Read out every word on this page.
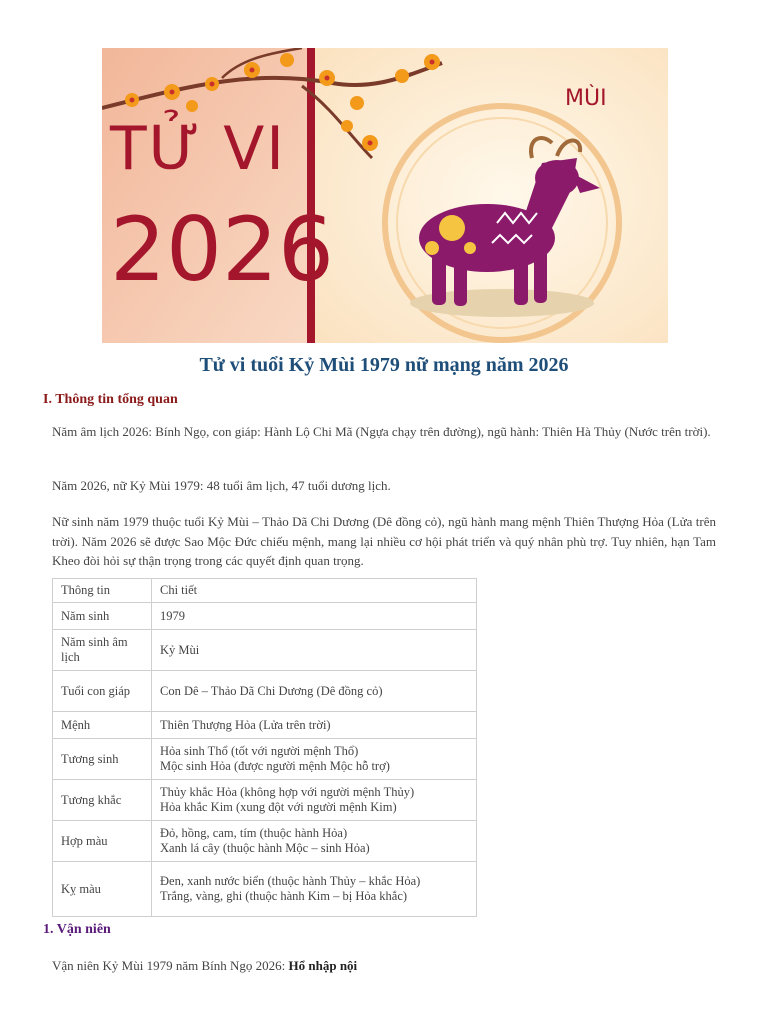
TỬ VI
2026
MÙI
Tử vi tuổi Kỷ Mùi 1979 nữ mạng năm 2026
I. Thông tin tổng quan
Năm âm lịch 2026: Bính Ngọ, con giáp: Hành Lộ Chi Mã (Ngựa chạy trên đường), ngũ hành: Thiên Hà Thủy (Nước trên trời).
Năm 2026, nữ Kỷ Mùi 1979: 48 tuổi âm lịch, 47 tuổi dương lịch.
Nữ sinh năm 1979 thuộc tuổi Kỷ Mùi – Thảo Dã Chi Dương (Dê đồng cỏ), ngũ hành mang mệnh Thiên Thượng Hỏa (Lửa trên trời). Năm 2026 sẽ được Sao Mộc Đức chiếu mệnh, mang lại nhiều cơ hội phát triển và quý nhân phù trợ. Tuy nhiên, hạn Tam Kheo đòi hỏi sự thận trọng trong các quyết định quan trọng.
Thông tin	Chi tiết
Năm sinh	1979

Năm sinh âm lịch	Kỷ Mùi

Tuổi con giáp	Con Dê – Thảo Dã Chi Dương (Dê đồng cỏ)

Mệnh	Thiên Thượng Hỏa (Lửa trên trời)

Tương sinh	Hỏa sinh Thổ (tốt với người mệnh Thổ)
Mộc sinh Hỏa (được người mệnh Mộc hỗ trợ)

Tương khắc	Thủy khắc Hỏa (không hợp với người mệnh Thủy)
Hỏa khắc Kim (xung đột với người mệnh Kim)

Hợp màu	Đỏ, hồng, cam, tím (thuộc hành Hỏa)
Xanh lá cây (thuộc hành Mộc – sinh Hỏa)

Kỵ màu	Đen, xanh nước biển (thuộc hành Thủy – khắc Hỏa)
Trắng, vàng, ghi (thuộc hành Kim – bị Hỏa khắc)
1. Vận niên
Vận niên Kỷ Mùi 1979 năm Bính Ngọ 2026: Hổ nhập nội
